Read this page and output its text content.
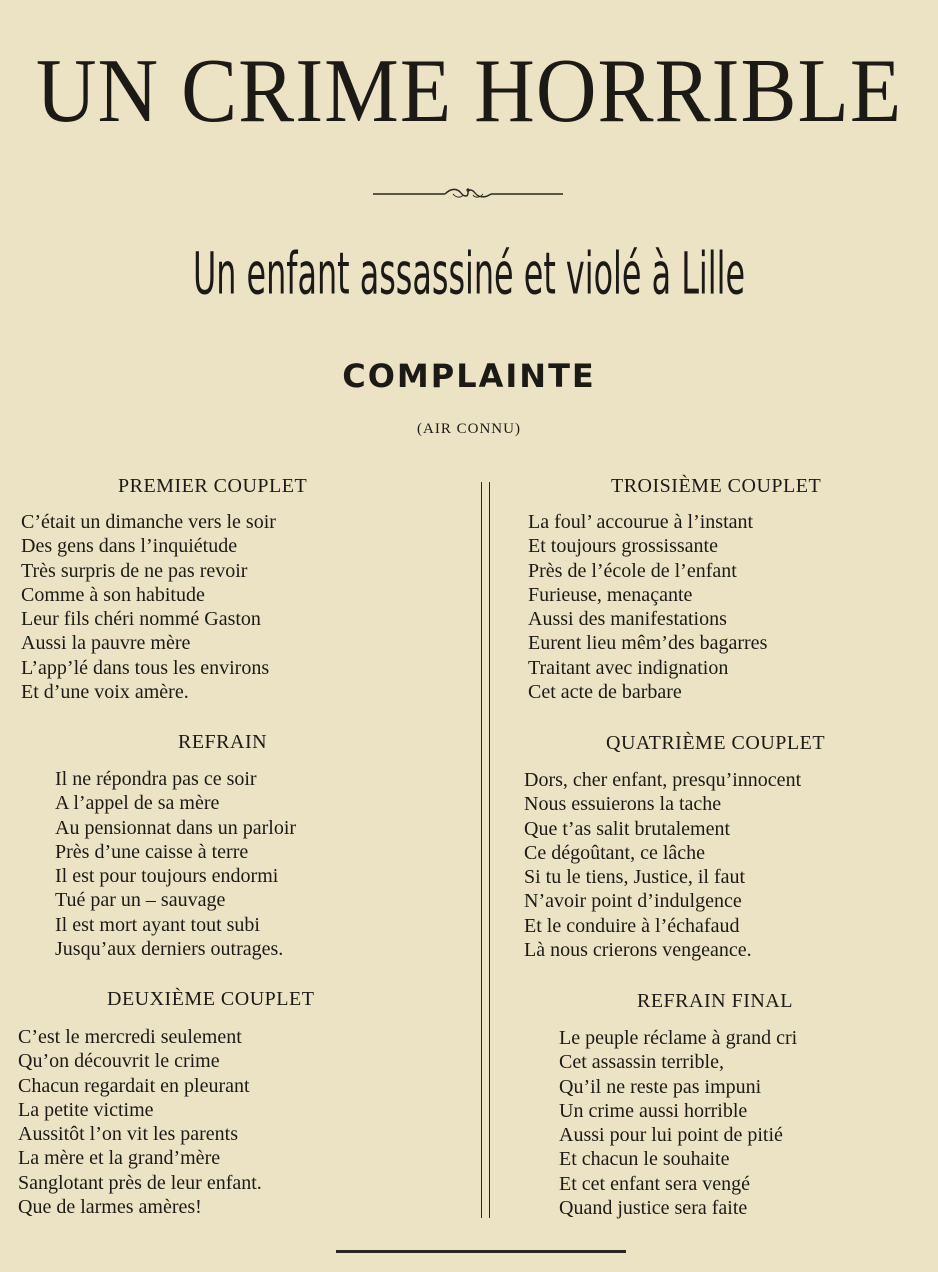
UN CRIME HORRIBLE
Un enfant assassiné et violé à Lille
COMPLAINTE
(AIR CONNU)
PREMIER COUPLET
C’était un dimanche vers le soir
Des gens dans l’inquiétude
Très surpris de ne pas revoir
Comme à son habitude
Leur fils chéri nommé Gaston
Aussi la pauvre mère
L’app’lé dans tous les environs
Et d’une voix amère.
REFRAIN
Il ne répondra pas ce soir
A l’appel de sa mère
Au pensionnat dans un parloir
Près d’une caisse à terre
Il est pour toujours endormi
Tué par un – sauvage
Il est mort ayant tout subi
Jusqu’aux derniers outrages.
DEUXIÈME COUPLET
C’est le mercredi seulement
Qu’on découvrit le crime
Chacun regardait en pleurant
La petite victime
Aussitôt l’on vit les parents
La mère et la grand’mère
Sanglotant près de leur enfant.
Que de larmes amères!
TROISIÈME COUPLET
La foul’ accourue à l’instant
Et toujours grossissante
Près de l’école de l’enfant
Furieuse, menaçante
Aussi des manifestations
Eurent lieu mêm’des bagarres
Traitant avec indignation
Cet acte de barbare
QUATRIÈME COUPLET
Dors, cher enfant, presqu’innocent
Nous essuierons la tache
Que t’as salit brutalement
Ce dégoûtant, ce lâche
Si tu le tiens, Justice, il faut
N’avoir point d’indulgence
Et le conduire à l’échafaud
Là nous crierons vengeance.
REFRAIN FINAL
Le peuple réclame à grand cri
Cet assassin terrible,
Qu’il ne reste pas impuni
Un crime aussi horrible
Aussi pour lui point de pitié
Et chacun le souhaite
Et cet enfant sera vengé
Quand justice sera faite
